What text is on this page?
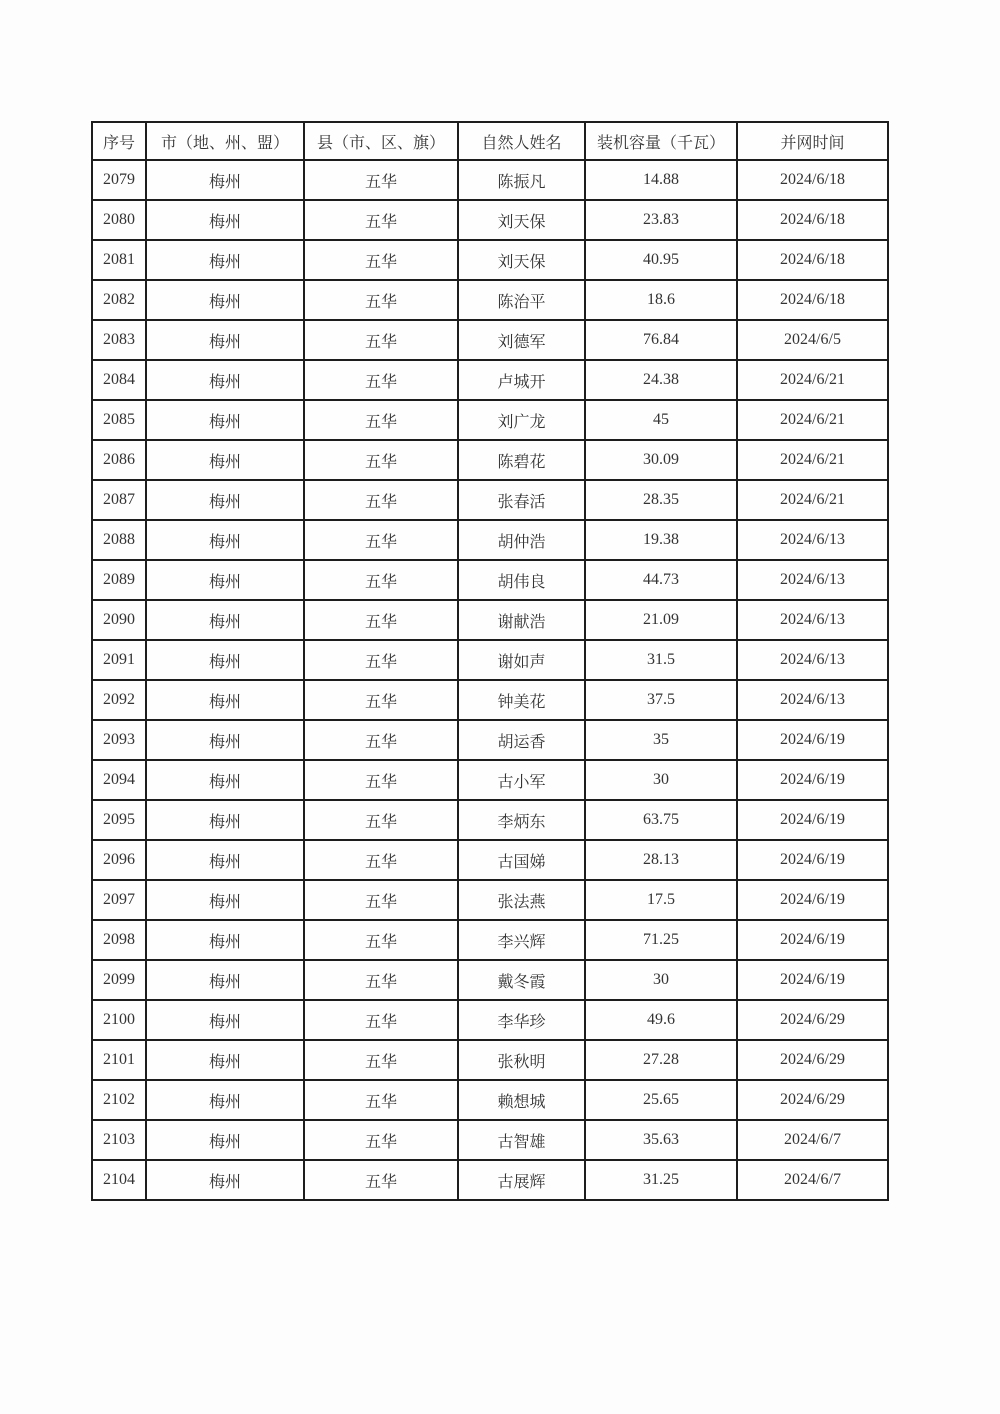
序号	市（地、州、盟）	县（市、区、旗）	自然人姓名	装机容量（千瓦）	并网时间
2079	梅州	五华	陈振凡	14.88	2024/6/18
2080	梅州	五华	刘天保	23.83	2024/6/18
2081	梅州	五华	刘天保	40.95	2024/6/18
2082	梅州	五华	陈治平	18.6	2024/6/18
2083	梅州	五华	刘德军	76.84	2024/6/5
2084	梅州	五华	卢城开	24.38	2024/6/21
2085	梅州	五华	刘广龙	45	2024/6/21
2086	梅州	五华	陈碧花	30.09	2024/6/21
2087	梅州	五华	张春活	28.35	2024/6/21
2088	梅州	五华	胡仲浩	19.38	2024/6/13
2089	梅州	五华	胡伟良	44.73	2024/6/13
2090	梅州	五华	谢献浩	21.09	2024/6/13
2091	梅州	五华	谢如声	31.5	2024/6/13
2092	梅州	五华	钟美花	37.5	2024/6/13
2093	梅州	五华	胡运香	35	2024/6/19
2094	梅州	五华	古小军	30	2024/6/19
2095	梅州	五华	李炳东	63.75	2024/6/19
2096	梅州	五华	古国娣	28.13	2024/6/19
2097	梅州	五华	张法燕	17.5	2024/6/19
2098	梅州	五华	李兴辉	71.25	2024/6/19
2099	梅州	五华	戴冬霞	30	2024/6/19
2100	梅州	五华	李华珍	49.6	2024/6/29
2101	梅州	五华	张秋明	27.28	2024/6/29
2102	梅州	五华	赖想城	25.65	2024/6/29
2103	梅州	五华	古智雄	35.63	2024/6/7
2104	梅州	五华	古展辉	31.25	2024/6/7
